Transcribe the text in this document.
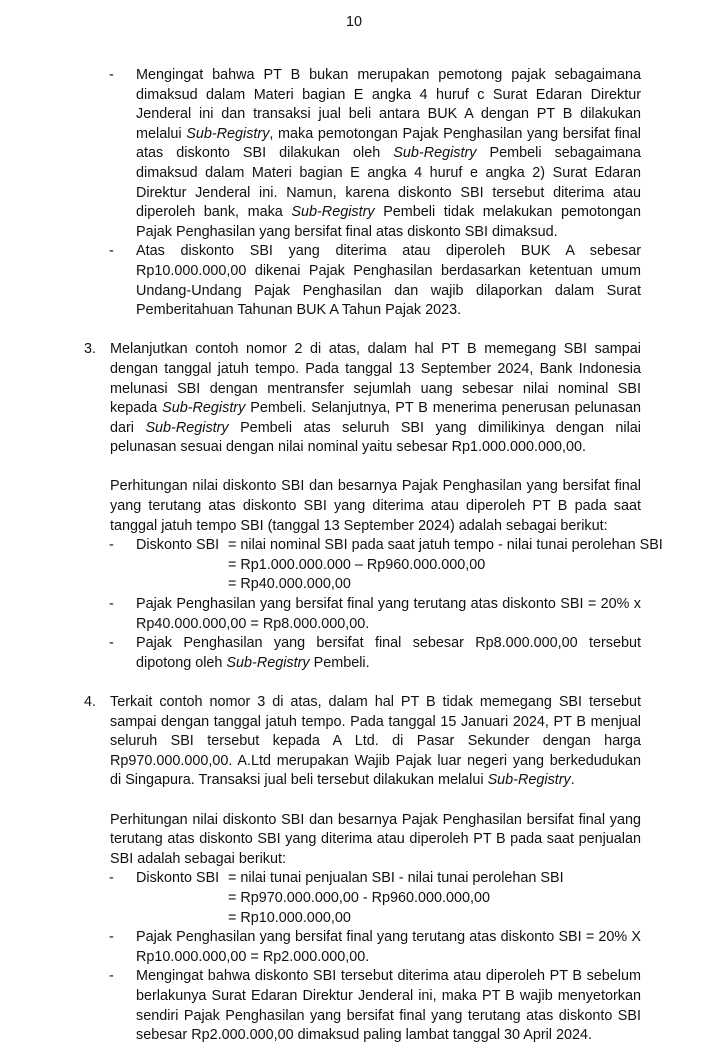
10
- Mengingat bahwa PT B bukan merupakan pemotong pajak sebagaimana dimaksud dalam Materi bagian E angka 4 huruf c Surat Edaran Direktur Jenderal ini dan transaksi jual beli antara BUK A dengan PT B dilakukan melalui Sub-Registry, maka pemotongan Pajak Penghasilan yang bersifat final atas diskonto SBI dilakukan oleh Sub-Registry Pembeli sebagaimana dimaksud dalam Materi bagian E angka 4 huruf e angka 2) Surat Edaran Direktur Jenderal ini. Namun, karena diskonto SBI tersebut diterima atau diperoleh bank, maka Sub-Registry Pembeli tidak melakukan pemotongan Pajak Penghasilan yang bersifat final atas diskonto SBI dimaksud.
- Atas diskonto SBI yang diterima atau diperoleh BUK A sebesar Rp10.000.000,00 dikenai Pajak Penghasilan berdasarkan ketentuan umum Undang-Undang Pajak Penghasilan dan wajib dilaporkan dalam Surat Pemberitahuan Tahunan BUK A Tahun Pajak 2023.
3. Melanjutkan contoh nomor 2 di atas, dalam hal PT B memegang SBI sampai dengan tanggal jatuh tempo. Pada tanggal 13 September 2024, Bank Indonesia melunasi SBI dengan mentransfer sejumlah uang sebesar nilai nominal SBI kepada Sub-Registry Pembeli. Selanjutnya, PT B menerima penerusan pelunasan dari Sub-Registry Pembeli atas seluruh SBI yang dimilikinya dengan nilai pelunasan sesuai dengan nilai nominal yaitu sebesar Rp1.000.000.000,00.
Perhitungan nilai diskonto SBI dan besarnya Pajak Penghasilan yang bersifat final yang terutang atas diskonto SBI yang diterima atau diperoleh PT B pada saat tanggal jatuh tempo SBI (tanggal 13 September 2024) adalah sebagai berikut:
- Diskonto SBI = nilai nominal SBI pada saat jatuh tempo - nilai tunai perolehan SBI
= Rp1.000.000.000 – Rp960.000.000,00
= Rp40.000.000,00
- Pajak Penghasilan yang bersifat final yang terutang atas diskonto SBI = 20% x Rp40.000.000,00 = Rp8.000.000,00.
- Pajak Penghasilan yang bersifat final sebesar Rp8.000.000,00 tersebut dipotong oleh Sub-Registry Pembeli.
4. Terkait contoh nomor 3 di atas, dalam hal PT B tidak memegang SBI tersebut sampai dengan tanggal jatuh tempo. Pada tanggal 15 Januari 2024, PT B menjual seluruh SBI tersebut kepada A Ltd. di Pasar Sekunder dengan harga Rp970.000.000,00. A.Ltd merupakan Wajib Pajak luar negeri yang berkedudukan di Singapura. Transaksi jual beli tersebut dilakukan melalui Sub-Registry.
Perhitungan nilai diskonto SBI dan besarnya Pajak Penghasilan bersifat final yang terutang atas diskonto SBI yang diterima atau diperoleh PT B pada saat penjualan SBI adalah sebagai berikut:
- Diskonto SBI = nilai tunai penjualan SBI - nilai tunai perolehan SBI
= Rp970.000.000,00 - Rp960.000.000,00
= Rp10.000.000,00
- Pajak Penghasilan yang bersifat final yang terutang atas diskonto SBI = 20% X Rp10.000.000,00 = Rp2.000.000,00.
- Mengingat bahwa diskonto SBI tersebut diterima atau diperoleh PT B sebelum berlakunya Surat Edaran Direktur Jenderal ini, maka PT B wajib menyetorkan sendiri Pajak Penghasilan yang bersifat final yang terutang atas diskonto SBI sebesar Rp2.000.000,00 dimaksud paling lambat tanggal 30 April 2024.
